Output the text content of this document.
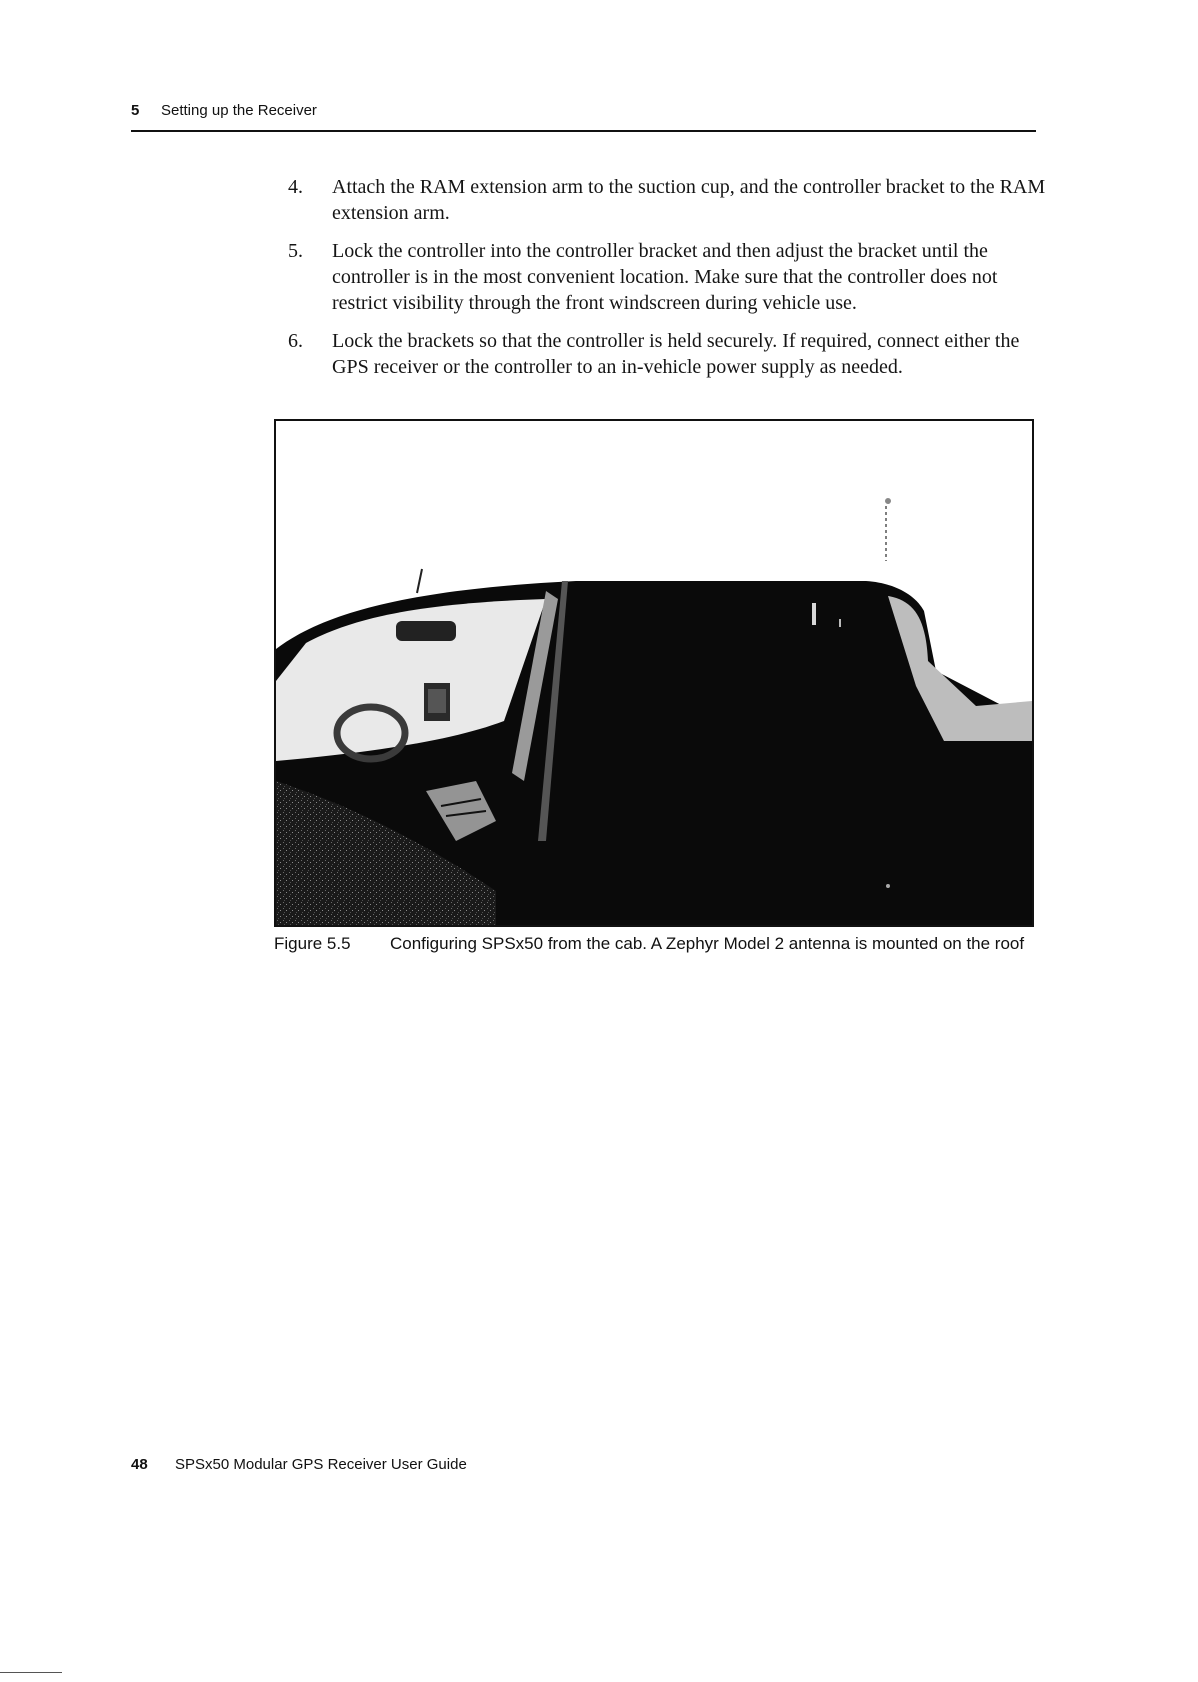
5 Setting up the Receiver
4. Attach the RAM extension arm to the suction cup, and the controller bracket to the RAM extension arm.
5. Lock the controller into the controller bracket and then adjust the bracket until the controller is in the most convenient location. Make sure that the controller does not restrict visibility through the front windscreen during vehicle use.
6. Lock the brackets so that the controller is held securely. If required, connect either the GPS receiver or the controller to an in-vehicle power supply as needed.
Figure 5.5 Configuring SPSx50 from the cab. A Zephyr Model 2 antenna is mounted on the roof
48 SPSx50 Modular GPS Receiver User Guide
